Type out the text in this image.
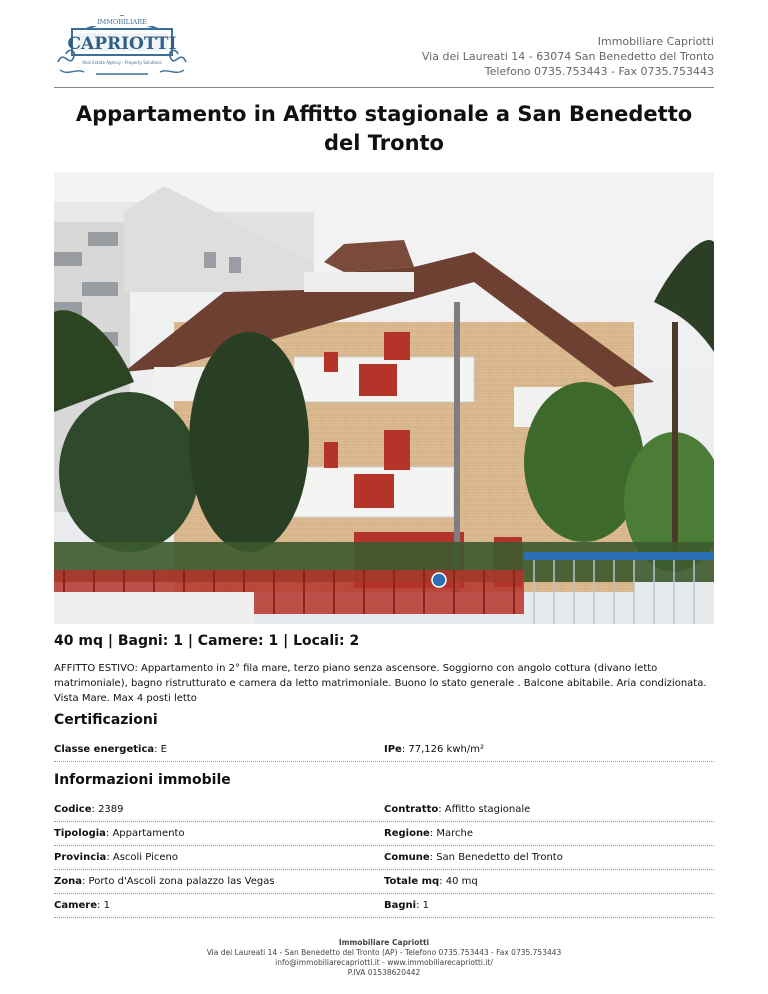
IMMOBILIARE
CAPRIOTTI
Real Estate Agency - Property Solutions
Immobiliare Capriotti
Via dei Laureati 14 - 63074 San Benedetto del Tronto
Telefono 0735.753443 - Fax 0735.753443
Appartamento in Affitto stagionale a San Benedetto del Tronto
40 mq | Bagni: 1 | Camere: 1 | Locali: 2

AFFITTO ESTIVO: Appartamento in 2° fila mare, terzo piano senza ascensore. Soggiorno con angolo cottura (divano letto matrimoniale), bagno ristrutturato e camera da letto matrimoniale. Buono lo stato generale . Balcone abitabile. Aria condizionata. Vista Mare. Max 4 posti letto

Certificazioni
Classe energetica: E	IPe: 77,126 kwh/m²
Informazioni immobile
Codice: 2389	Contratto: Affitto stagionale
Tipologia: Appartamento	Regione: Marche
Provincia: Ascoli Piceno	Comune: San Benedetto del Tronto
Zona: Porto d'Ascoli zona palazzo las Vegas	Totale mq: 40 mq
Camere: 1	Bagni: 1
Immobiliare Capriotti
Via dei Laureati 14 - San Benedetto del Tronto (AP) - Telefono 0735.753443 - Fax 0735.753443
info@immobiliarecapriotti.it - www.immobiliarecapriotti.it/
P.IVA 01538620442
